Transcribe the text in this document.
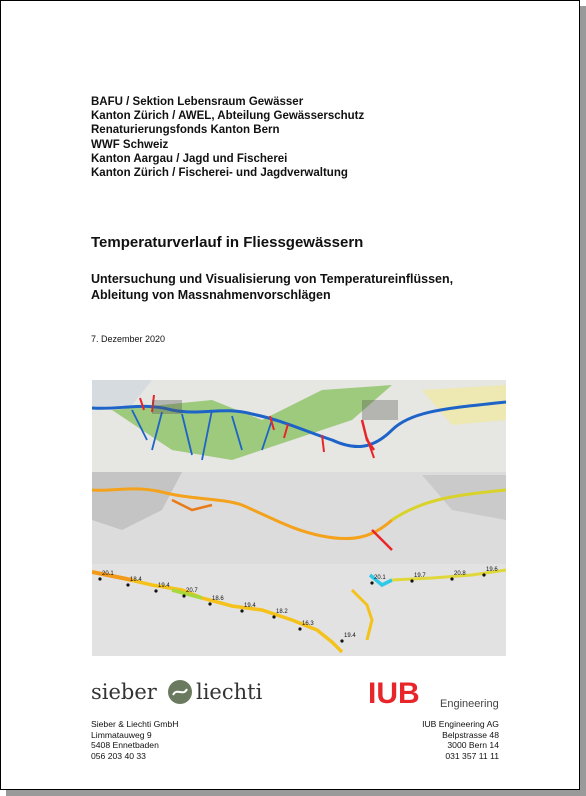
BAFU / Sektion Lebensraum Gewässer
Kanton Zürich / AWEL, Abteilung Gewässerschutz
Renaturierungsfonds Kanton Bern
WWF Schweiz
Kanton Aargau / Jagd und Fischerei
Kanton Zürich / Fischerei- und Jagdverwaltung
Temperaturverlauf in Fliessgewässern
Untersuchung und Visualisierung von Temperatureinflüssen,
Ableitung von Massnahmenvorschlägen
7. Dezember 2020
20.1
18.4
19.4
20.7
18.6
19.4
18.2
16.3
19.4
20.1	19.7	20.8
19.6
sieber liechti	IUB Engineering
Sieber & Liechti GmbH
Limmatauweg 9
5408 Ennetbaden
056 203 40 33
IUB Engineering AG
Belpstrasse 48
3000 Bern 14
031 357 11 11
